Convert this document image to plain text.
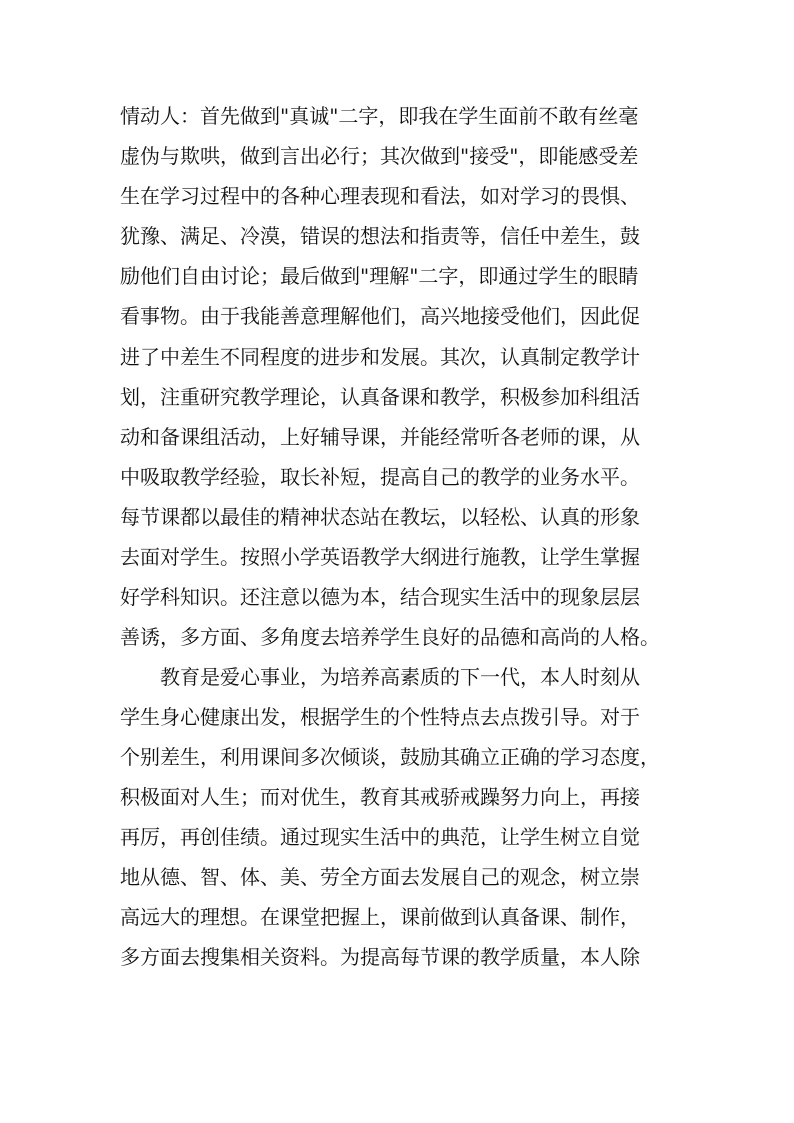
情动人：首先做到"真诚"二字，即我在学生面前不敢有丝毫
虚伪与欺哄，做到言出必行；其次做到"接受"，即能感受差
生在学习过程中的各种心理表现和看法，如对学习的畏惧、
犹豫、满足、冷漠，错误的想法和指责等，信任中差生，鼓
励他们自由讨论；最后做到"理解"二字，即通过学生的眼睛
看事物。由于我能善意理解他们，高兴地接受他们，因此促
进了中差生不同程度的进步和发展。其次，认真制定教学计
划，注重研究教学理论，认真备课和教学，积极参加科组活
动和备课组活动，上好辅导课，并能经常听各老师的课，从
中吸取教学经验，取长补短，提高自己的教学的业务水平。
每节课都以最佳的精神状态站在教坛，以轻松、认真的形象
去面对学生。按照小学英语教学大纲进行施教，让学生掌握
好学科知识。还注意以德为本，结合现实生活中的现象层层
善诱，多方面、多角度去培养学生良好的品德和高尚的人格。
教育是爱心事业，为培养高素质的下一代，本人时刻从
学生身心健康出发，根据学生的个性特点去点拨引导。对于
个别差生，利用课间多次倾谈，鼓励其确立正确的学习态度，
积极面对人生；而对优生，教育其戒骄戒躁努力向上，再接
再厉，再创佳绩。通过现实生活中的典范，让学生树立自觉
地从德、智、体、美、劳全方面去发展自己的观念，树立崇
高远大的理想。在课堂把握上，课前做到认真备课、制作，
多方面去搜集相关资料。为提高每节课的教学质量，本人除
